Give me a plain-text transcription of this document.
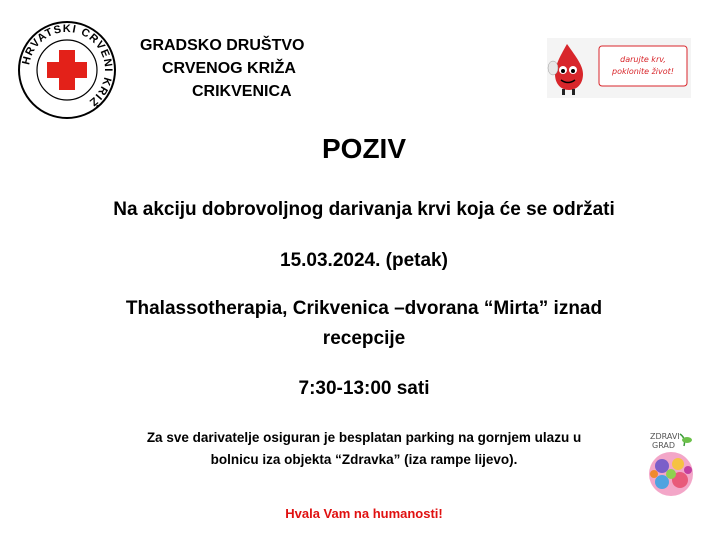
HRVATSKI CRVENI KRIŽ
GRADSKO DRUŠTVO
CRVENOG KRIŽA
CRIKVENICA
darujte krv,
poklonite život!
POZIV
Na akciju dobrovoljnog darivanja krvi koja će se održati
15.03.2024. (petak)
Thalassotherapia, Crikvenica –dvorana “Mirta” iznad
recepcije
7:30-13:00 sati
Za sve darivatelje osiguran je besplatan parking na gornjem ulazu u
bolnicu iza objekta “Zdravka” (iza rampe lijevo).
Hvala Vam na humanosti!
ZDRAVI
GRAD
